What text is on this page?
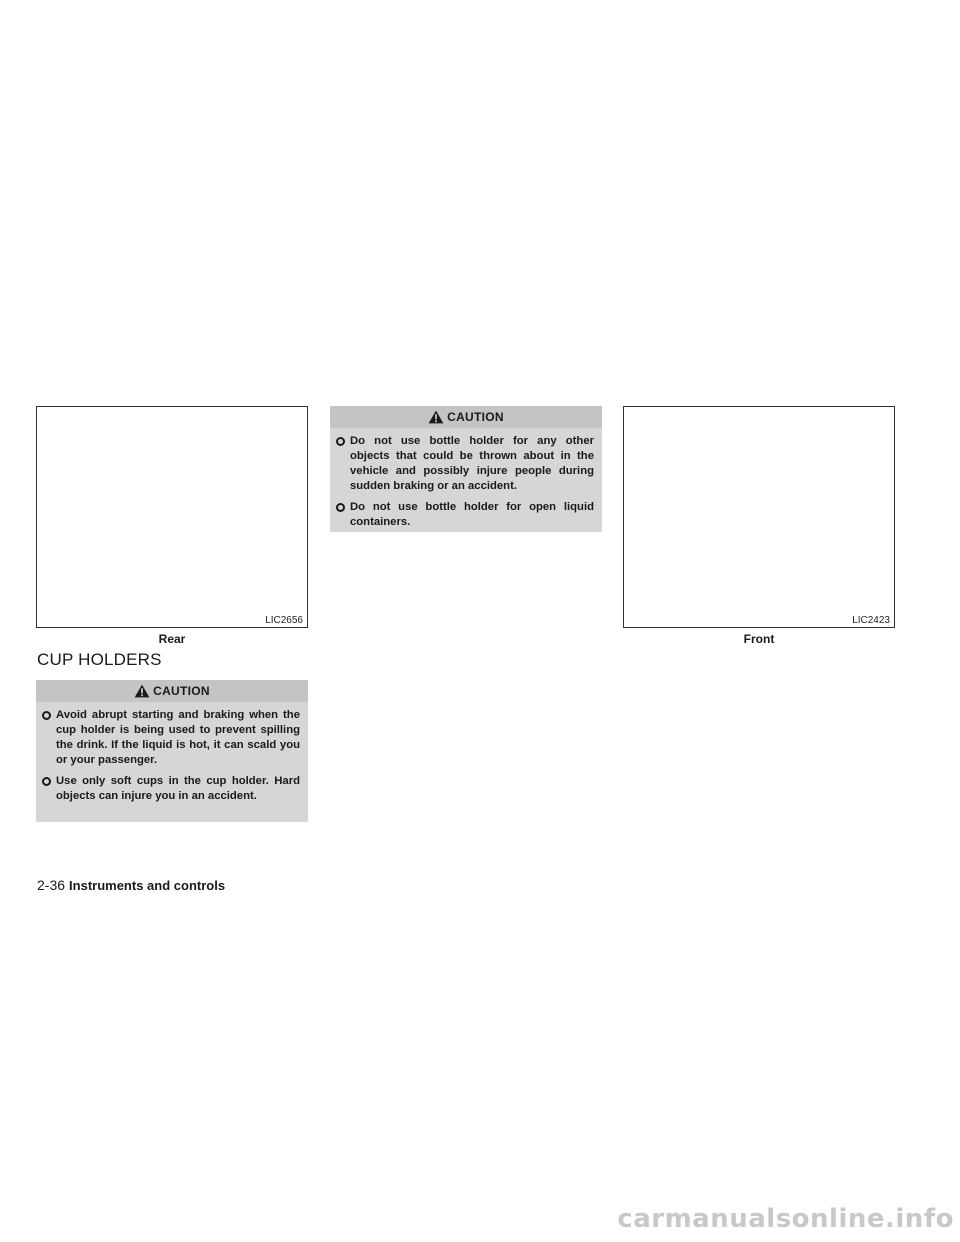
LIC2656
Rear
CUP HOLDERS
CAUTION
Avoid abrupt starting and braking when the cup holder is being used to prevent spilling the drink. If the liquid is hot, it can scald you or your passenger.
Use only soft cups in the cup holder. Hard objects can injure you in an accident.
CAUTION
Do not use bottle holder for any other objects that could be thrown about in the vehicle and possibly injure people during sudden braking or an accident.
Do not use bottle holder for open liquid containers.
LIC2423
Front
2-36 Instruments and controls
carmanualsonline.info
